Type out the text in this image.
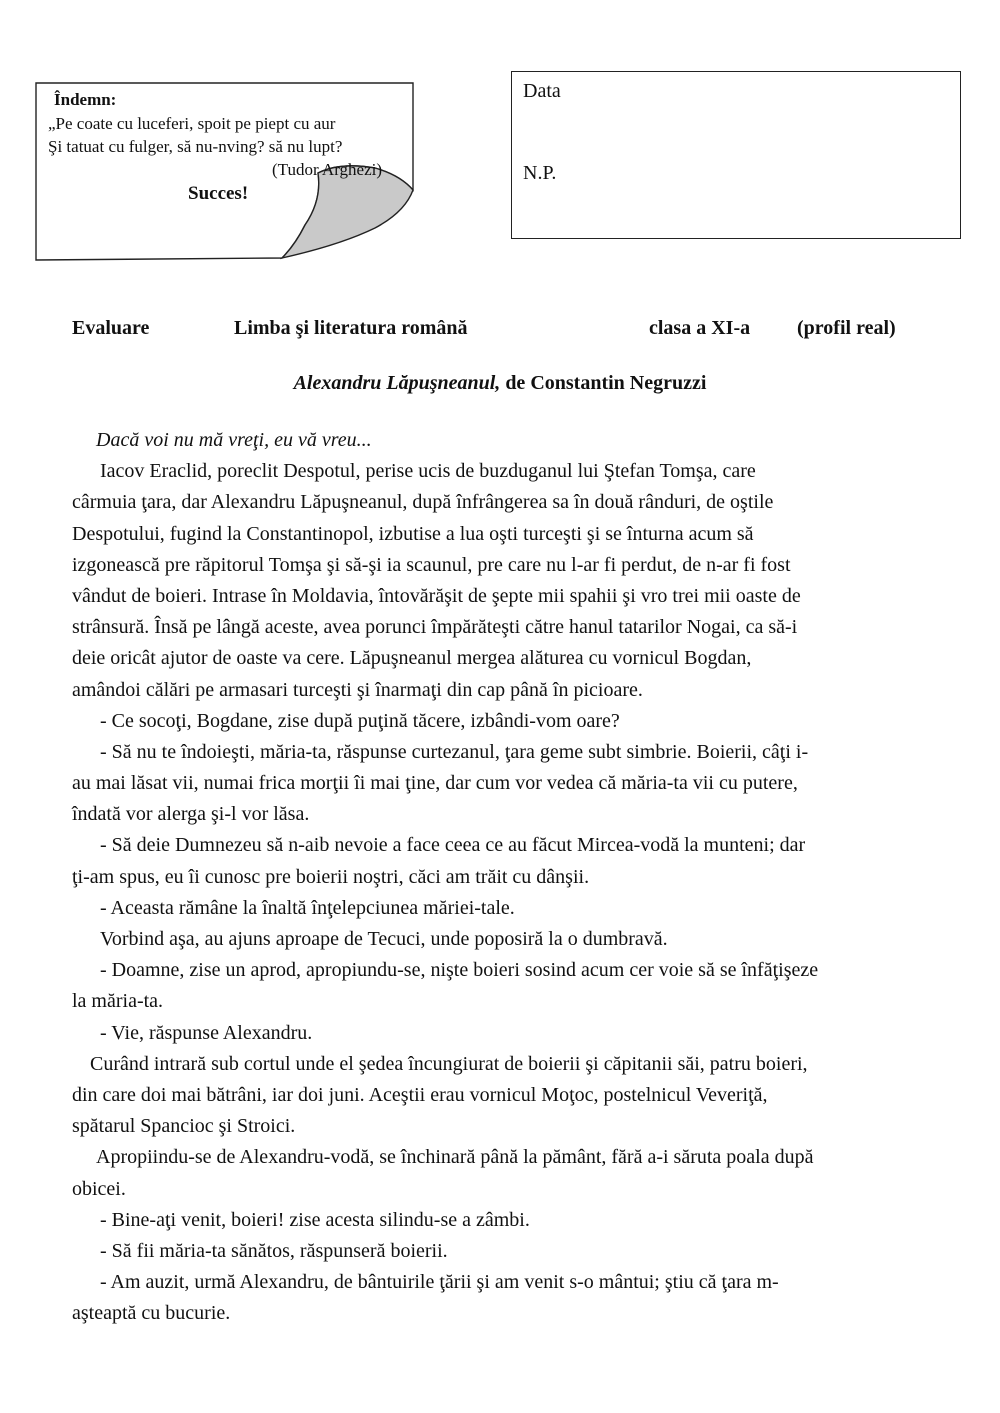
Îndemn:
„Pe coate cu luceferi, spoit pe piept cu aur
Şi tatuat cu fulger, să nu-nving? să nu lupt?
(Tudor Arghezi)
Succes!
Data
N.P.
Evaluare	Limba şi literatura română	clasa a XI-a (profil real)
Alexandru Lăpuşneanul, de Constantin Negruzzi
Dacă voi nu mă vreţi, eu vă vreu...
Iacov Eraclid, poreclit Despotul, perise ucis de buzduganul lui Ştefan Tomşa, care
cârmuia ţara, dar Alexandru Lăpuşneanul, după înfrângerea sa în două rânduri, de oştile
Despotului, fugind la Constantinopol, izbutise a lua oşti turceşti şi se înturna acum să
izgonească pre răpitorul Tomşa şi să-şi ia scaunul, pre care nu l-ar fi perdut, de n-ar fi fost
vândut de boieri. Intrase în Moldavia, întovărăşit de şepte mii spahii şi vro trei mii oaste de
strânsură. Însă pe lângă aceste, avea porunci împărăteşti către hanul tatarilor Nogai, ca să-i
deie oricât ajutor de oaste va cere. Lăpuşneanul mergea alăturea cu vornicul Bogdan,
amândoi călări pe armasari turceşti şi înarmaţi din cap până în picioare.
- Ce socoţi, Bogdane, zise după puţină tăcere, izbândi-vom oare?
- Să nu te îndoieşti, măria-ta, răspunse curtezanul, ţara geme subt simbrie. Boierii, câţi i-
au mai lăsat vii, numai frica morţii îi mai ţine, dar cum vor vedea că măria-ta vii cu putere,
îndată vor alerga şi-l vor lăsa.
- Să deie Dumnezeu să n-aib nevoie a face ceea ce au făcut Mircea-vodă la munteni; dar
ţi-am spus, eu îi cunosc pre boierii noştri, căci am trăit cu dânşii.
- Aceasta rămâne la înaltă înţelepciunea măriei-tale.
Vorbind aşa, au ajuns aproape de Tecuci, unde poposiră la o dumbravă.
- Doamne, zise un aprod, apropiundu-se, nişte boieri sosind acum cer voie să se înfăţişeze
la măria-ta.
- Vie, răspunse Alexandru.
Curând intrară sub cortul unde el şedea încungiurat de boierii şi căpitanii săi, patru boieri,
din care doi mai bătrâni, iar doi juni. Aceştii erau vornicul Moţoc, postelnicul Veveriţă,
spătarul Spancioc şi Stroici.
Apropiindu-se de Alexandru-vodă, se închinară până la pământ, fără a-i săruta poala după
obicei.
- Bine-aţi venit, boieri! zise acesta silindu-se a zâmbi.
- Să fii măria-ta sănătos, răspunseră boierii.
- Am auzit, urmă Alexandru, de bântuirile ţării şi am venit s-o mântui; ştiu că ţara m-
aşteaptă cu bucurie.
